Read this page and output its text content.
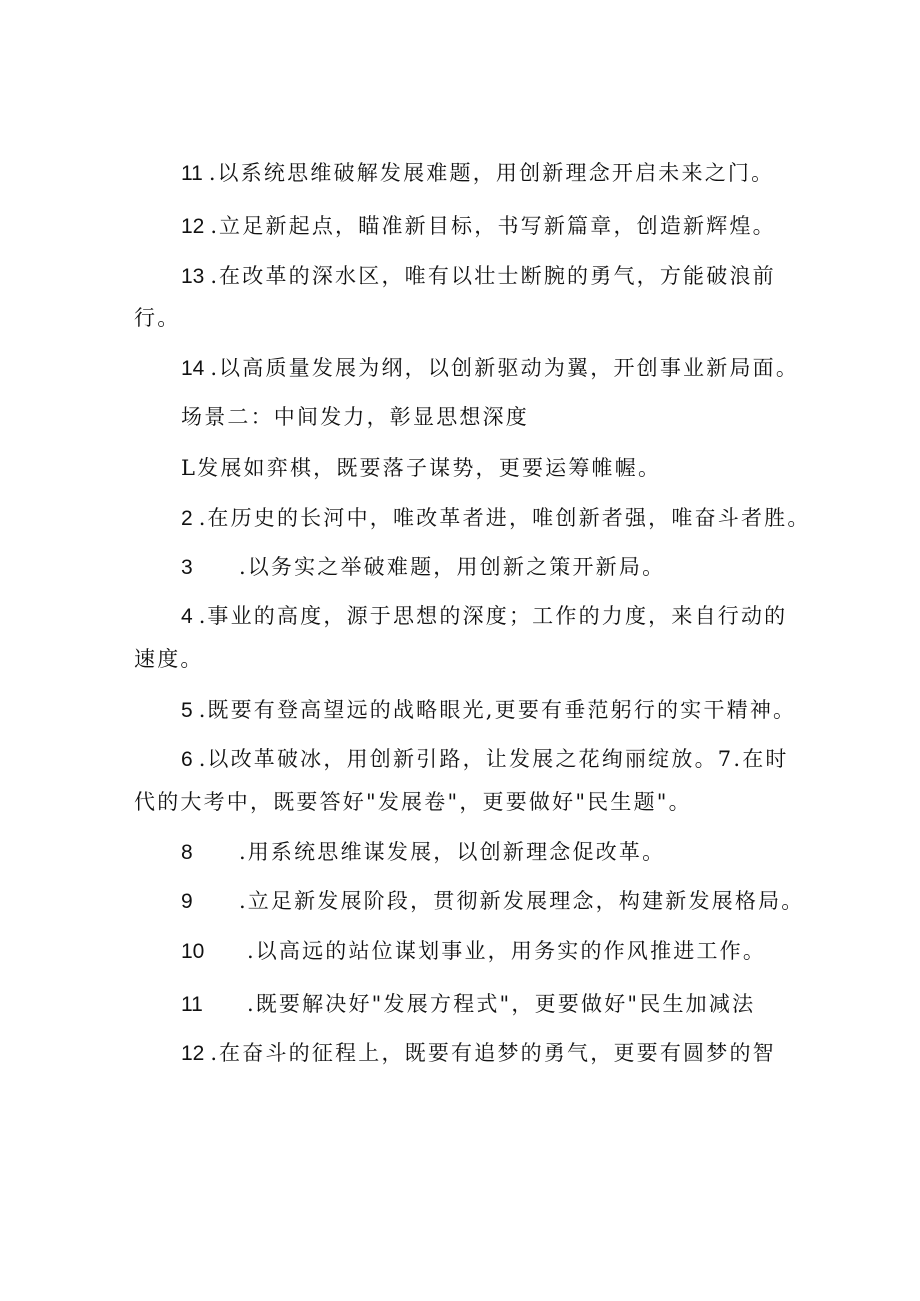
11 .以系统思维破解发展难题，用创新理念开启未来之门。
12 .立足新起点，瞄准新目标，书写新篇章，创造新辉煌。
13 .在改革的深水区，唯有以壮士断腕的勇气，方能破浪前
行。
14 .以高质量发展为纲，以创新驱动为翼，开创事业新局面。
场景二：中间发力，彰显思想深度
L发展如弈棋，既要落子谋势，更要运筹帷幄。
2 .在历史的长河中，唯改革者进，唯创新者强，唯奋斗者胜。
3 .以务实之举破难题，用创新之策开新局。
4 .事业的高度，源于思想的深度；工作的力度，来自行动的
速度。
5 .既要有登高望远的战略眼光,更要有垂范躬行的实干精神。
6 .以改革破冰，用创新引路，让发展之花绚丽绽放。7.在时
代的大考中，既要答好"发展卷"，更要做好"民生题"。
8 .用系统思维谋发展，以创新理念促改革。
9 .立足新发展阶段，贯彻新发展理念，构建新发展格局。
10 .以高远的站位谋划事业，用务实的作风推进工作。
11 .既要解决好"发展方程式"，更要做好"民生加减法
12 .在奋斗的征程上，既要有追梦的勇气，更要有圆梦的智
